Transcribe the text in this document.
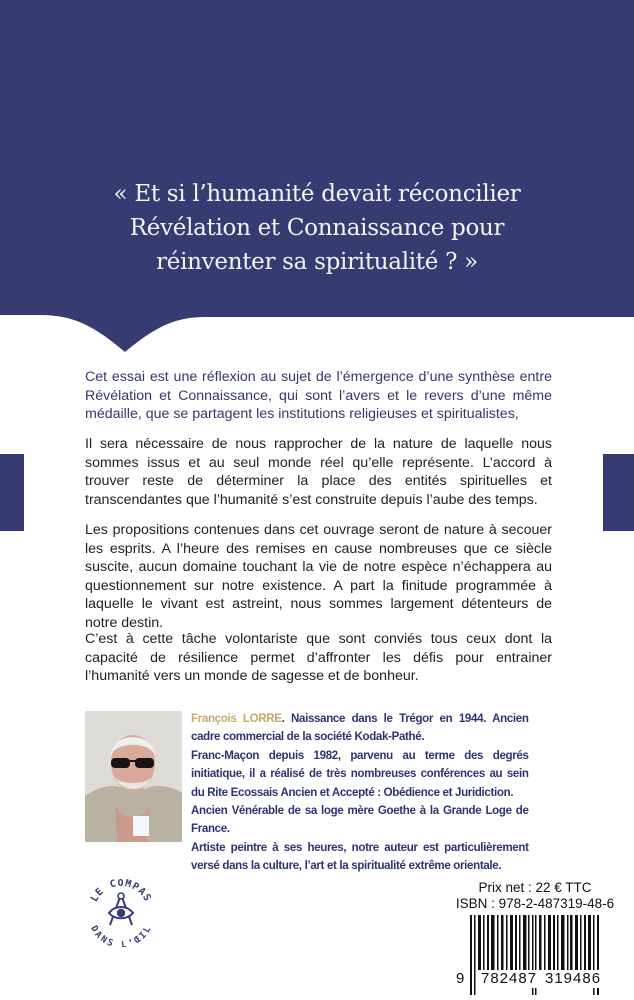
« Et si l’humanité devait réconcilier
Révélation et Connaissance pour
réinventer sa spiritualité ? »
Cet essai est une réflexion au sujet de l’émergence d’une synthèse entre Révélation et Connaissance, qui sont l’avers et le revers d’une même médaille, que se partagent les institutions religieuses et spiritualistes,
Il sera nécessaire de nous rapprocher de la nature de laquelle nous sommes issus et au seul monde réel qu’elle représente. L’accord à trouver reste de déterminer la place des entités spirituelles et transcendantes que l’humanité s’est construite depuis l’aube des temps.
Les propositions contenues dans cet ouvrage seront de nature à secouer les esprits. A l’heure des remises en cause nombreuses que ce siècle suscite, aucun domaine touchant la vie de notre espèce n’échappera au questionnement sur notre existence. A part la finitude programmée à laquelle le vivant est astreint, nous sommes largement détenteurs de notre destin.
C’est à cette tâche volontariste que sont conviés tous ceux dont la capacité de résilience permet d’affronter les défis pour entrainer l’humanité vers un monde de sagesse et de bonheur.

François LORRE. Naissance dans le Trégor en 1944. Ancien cadre commercial de la société Kodak-Pathé.

Franc-Maçon depuis 1982, parvenu au terme des degrés initiatique, il a réalisé de très nombreuses conférences au sein du Rite Ecossais Ancien et Accepté : Obédience et Juridiction.

Ancien Vénérable de sa loge mère Goethe à la Grande Loge de France.

Artiste peintre à ses heures, notre auteur est particulièrement versé dans la culture, l’art et la spiritualité extrême orientale.

LE COMPAS
DANS L’ŒIL
Prix net : 22 € TTC
ISBN : 978-2-487319-48-6
9 782487 319486
